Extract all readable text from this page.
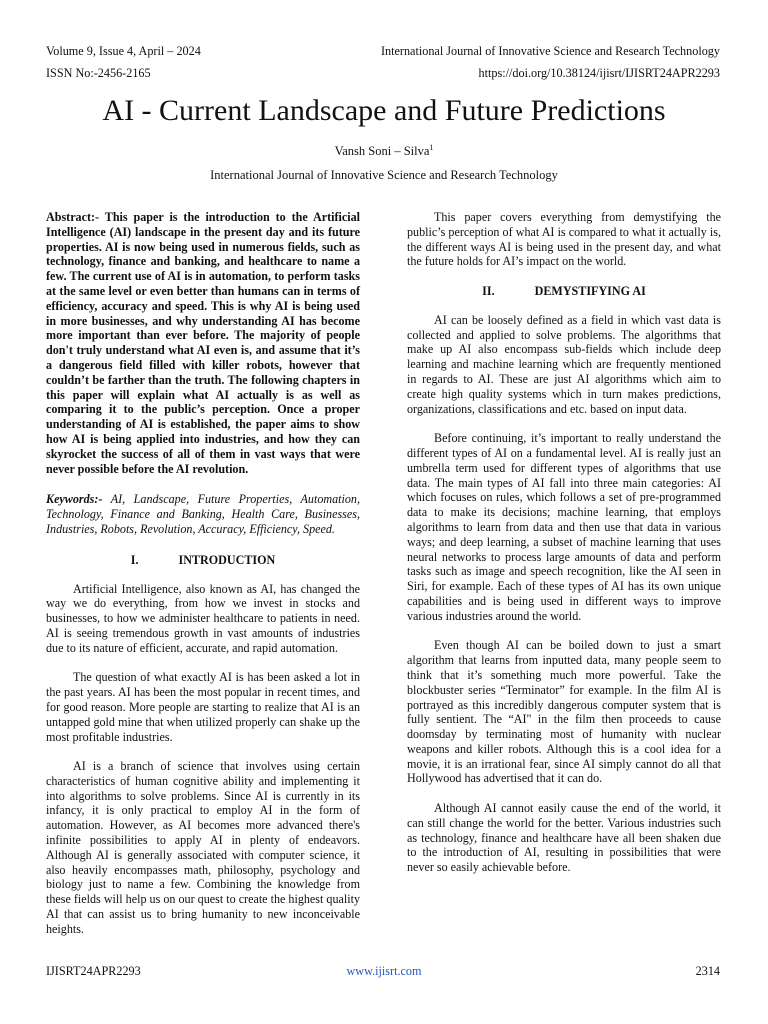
Volume 9, Issue 4, April – 2024
ISSN No:-2456-2165
International Journal of Innovative Science and Research Technology
https://doi.org/10.38124/ijisrt/IJISRT24APR2293
AI - Current Landscape and Future Predictions
Vansh Soni – Silva$^1$
International Journal of Innovative Science and Research Technology

Abstract:- This paper is the introduction to the Artificial Intelligence (AI) landscape in the present day and its future properties. AI is now being used in numerous fields, such as technology, finance and banking, and healthcare to name a few. The current use of AI is in automation, to perform tasks at the same level or even better than humans can in terms of efficiency, accuracy and speed. This is why AI is being used in more businesses, and why understanding AI has become more important than ever before. The majority of people don't truly understand what AI even is, and assume that it’s a dangerous field filled with killer robots, however that couldn’t be farther than the truth. The following chapters in this paper will explain what AI actually is as well as comparing it to the public’s perception. Once a proper understanding of AI is established, the paper aims to show how AI is being applied into industries, and how they can skyrocket the success of all of them in vast ways that were never possible before the AI revolution.

Keywords:- AI, Landscape, Future Properties, Automation, Technology, Finance and Banking, Health Care, Businesses, Industries, Robots, Revolution, Accuracy, Efficiency, Speed.

I.	INTRODUCTION

Artificial Intelligence, also known as AI, has changed the way we do everything, from how we invest in stocks and businesses, to how we administer healthcare to patients in need. AI is seeing tremendous growth in vast amounts of industries due to its nature of efficient, accurate, and rapid automation.

The question of what exactly AI is has been asked a lot in the past years. AI has been the most popular in recent times, and for good reason. More people are starting to realize that AI is an untapped gold mine that when utilized properly can shake up the most profitable industries.

AI is a branch of science that involves using certain characteristics of human cognitive ability and implementing it into algorithms to solve problems. Since AI is currently in its infancy, it is only practical to employ AI in the form of automation. However, as AI becomes more advanced there's infinite possibilities to apply AI in plenty of endeavors. Although AI is generally associated with computer science, it also heavily encompasses math, philosophy, psychology and biology just to name a few. Combining the knowledge from these fields will help us on our quest to create the highest quality AI that can assist us to bring humanity to new inconceivable heights.

This paper covers everything from demystifying the public’s perception of what AI is compared to what it actually is, the different ways AI is being used in the present day, and what the future holds for AI’s impact on the world.

II.	DEMYSTIFYING AI

AI can be loosely defined as a field in which vast data is collected and applied to solve problems. The algorithms that make up AI also encompass sub-fields which include deep learning and machine learning which are frequently mentioned in regards to AI. These are just AI algorithms which aim to create high quality systems which in turn makes predictions, organizations, classifications and etc. based on input data.

Before continuing, it’s important to really understand the different types of AI on a fundamental level. AI is really just an umbrella term used for different types of algorithms that use data. The main types of AI fall into three main categories: AI which focuses on rules, which follows a set of pre-programmed data to make its decisions; machine learning, that employs algorithms to learn from data and then use that data in various ways; and deep learning, a subset of machine learning that uses neural networks to process large amounts of data and perform tasks such as image and speech recognition, like the AI seen in Siri, for example. Each of these types of AI has its own unique capabilities and is being used in different ways to improve various industries around the world.

Even though AI can be boiled down to just a smart algorithm that learns from inputted data, many people seem to think that it’s something much more powerful. Take the blockbuster series “Terminator” for example. In the film AI is portrayed as this incredibly dangerous computer system that is fully sentient. The “AI" in the film then proceeds to cause doomsday by terminating most of humanity with nuclear weapons and killer robots. Although this is a cool idea for a movie, it is an irrational fear, since AI simply cannot do all that Hollywood has advertised that it can do.

Although AI cannot easily cause the end of the world, it can still change the world for the better. Various industries such as technology, finance and healthcare have all been shaken due to the introduction of AI, resulting in possibilities that were never so easily achievable before.

IJISRT24APR2293	www.ijisrt.com	2314
